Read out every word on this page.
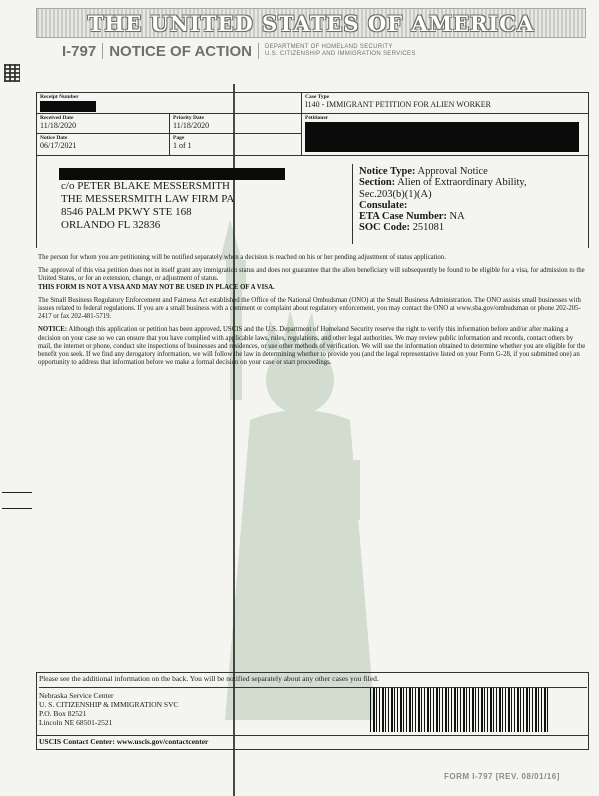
THE UNITED STATES OF AMERICA
I-797 NOTICE OF ACTION DEPARTMENT OF HOMELAND SECURITY
U.S. CITIZENSHIP AND IMMIGRATION SERVICES
Receipt Number	Case Type
I140 - IMMIGRANT PETITION FOR ALIEN WORKER
Received Date
11/18/2020
Priority Date
11/18/2020
Petitioner
Notice Date
06/17/2021
Page
1 of 1
c/o PETER BLAKE MESSERSMITH
THE MESSERSMITH LAW FIRM PA
8546 PALM PKWY STE 168
ORLANDO FL 32836
Notice Type: Approval Notice
Section: Alien of Extraordinary Ability,
Sec.203(b)(1)(A)
Consulate:
ETA Case Number: NA
SOC Code: 251081

The person for whom you are petitioning will be notified separately when a decision is reached on his or her pending adjustment of status application.

The approval of this visa petition does not in itself grant any immigration status and does not guarantee that the alien beneficiary will subsequently be found to be eligible for a visa, for admission to the United States, or for an extension, change, or adjustment of status.

THIS FORM IS NOT A VISA AND MAY NOT BE USED IN PLACE OF A VISA.

The Small Business Regulatory Enforcement and Fairness Act established the Office of the National Ombudsman (ONO) at the Small Business Administration. The ONO assists small businesses with issues related to federal regulations. If you are a small business with a comment or complaint about regulatory enforcement, you may contact the ONO at www.sba.gov/ombudsman or phone 202-205-2417 or fax 202-481-5719.

NOTICE: Although this application or petition has been approved, USCIS and the U.S. Department of Homeland Security reserve the right to verify this information before and/or after making a decision on your case so we can ensure that you have complied with applicable laws, rules, regulations, and other legal authorities. We may review public information and records, contact others by mail, the internet or phone, conduct site inspections of businesses and residences, or use other methods of verification. We will use the information obtained to determine whether you are eligible for the benefit you seek. If we find any derogatory information, we will follow the law in determining whether to provide you (and the legal representative listed on your Form G-28, if you submitted one) an opportunity to address that information before we make a formal decision on your case or start proceedings.

Please see the additional information on the back. You will be notified separately about any other cases you filed.
Nebraska Service Center
U. S. CITIZENSHIP & IMMIGRATION SVC
P.O. Box 82521
Lincoln NE 68501-2521
USCIS Contact Center: www.uscis.gov/contactcenter
FORM I-797 [REV. 08/01/16]
